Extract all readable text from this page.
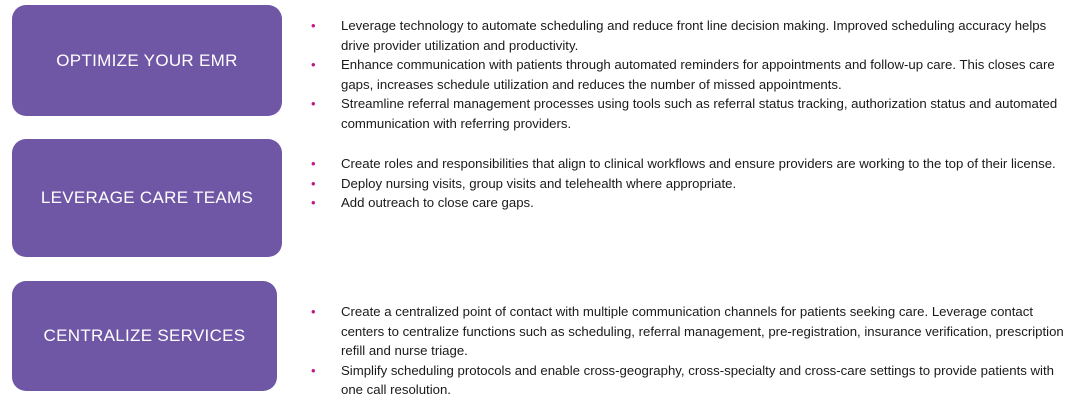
OPTIMIZE YOUR EMR
• Leverage technology to automate scheduling and reduce front line decision making. Improved scheduling accuracy helps drive provider utilization and productivity.
• Enhance communication with patients through automated reminders for appointments and follow-up care. This closes care gaps, increases schedule utilization and reduces the number of missed appointments.
• Streamline referral management processes using tools such as referral status tracking, authorization status and automated communication with referring providers.
LEVERAGE CARE TEAMS
• Create roles and responsibilities that align to clinical workflows and ensure providers are working to the top of their license.
• Deploy nursing visits, group visits and telehealth where appropriate.
• Add outreach to close care gaps.
CENTRALIZE SERVICES
• Create a centralized point of contact with multiple communication channels for patients seeking care. Leverage contact centers to centralize functions such as scheduling, referral management, pre-registration, insurance verification, prescription refill and nurse triage.
• Simplify scheduling protocols and enable cross-geography, cross-specialty and cross-care settings to provide patients with one call resolution.
